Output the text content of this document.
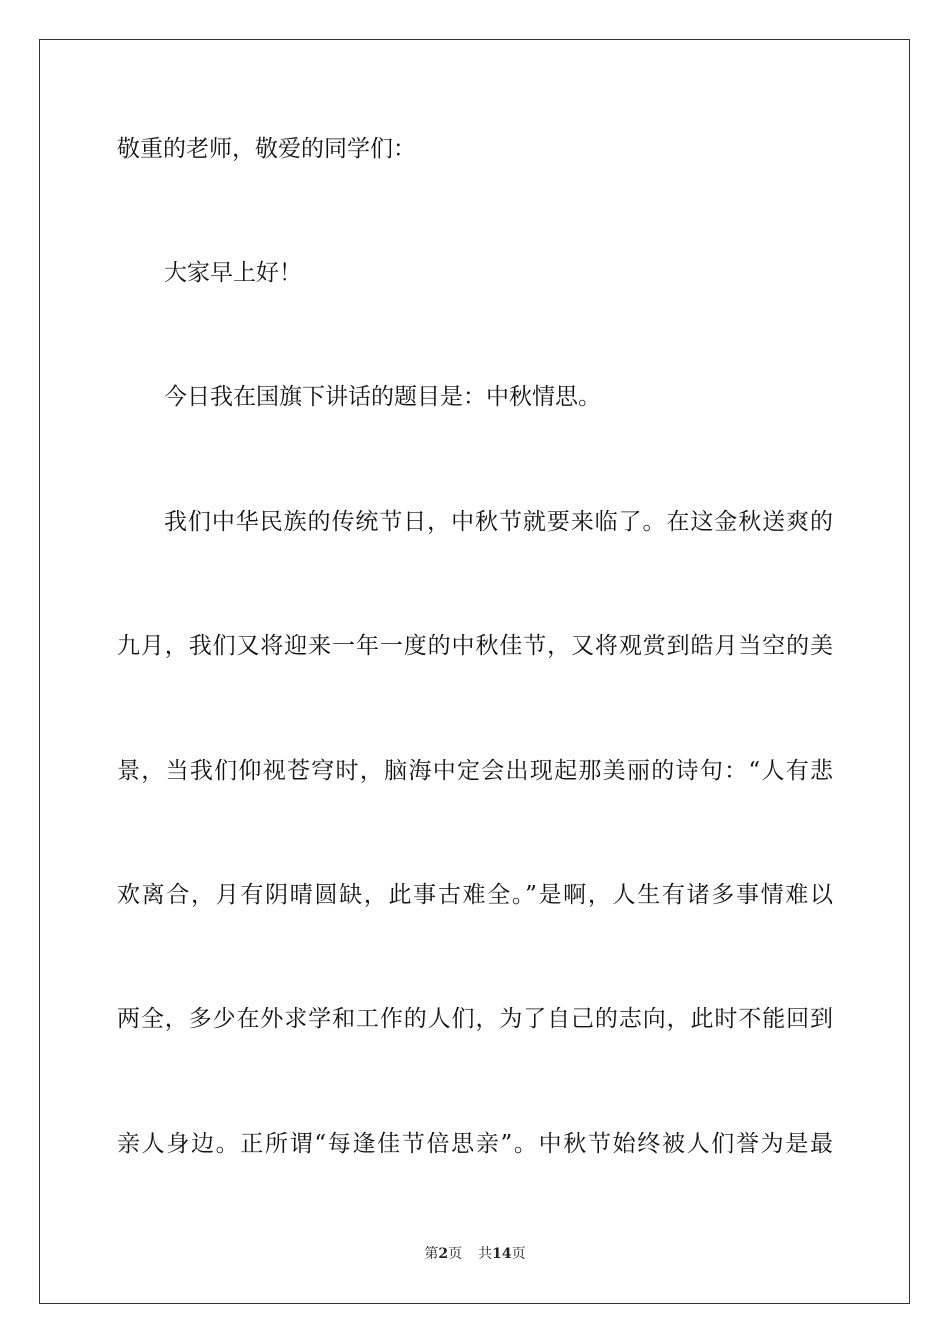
敬重的老师，敬爱的同学们：
大家早上好！
今日我在国旗下讲话的题目是：中秋情思。
我们中华民族的传统节日，中秋节就要来临了。在这金秋送爽的
九月，我们又将迎来一年一度的中秋佳节，又将观赏到皓月当空的美
景，当我们仰视苍穹时，脑海中定会出现起那美丽的诗句：“人有悲
欢离合，月有阴晴圆缺，此事古难全。”是啊，人生有诸多事情难以
两全，多少在外求学和工作的人们，为了自己的志向，此时不能回到
亲人身边。正所谓“每逢佳节倍思亲”。中秋节始终被人们誉为是最
第2页 共14页
